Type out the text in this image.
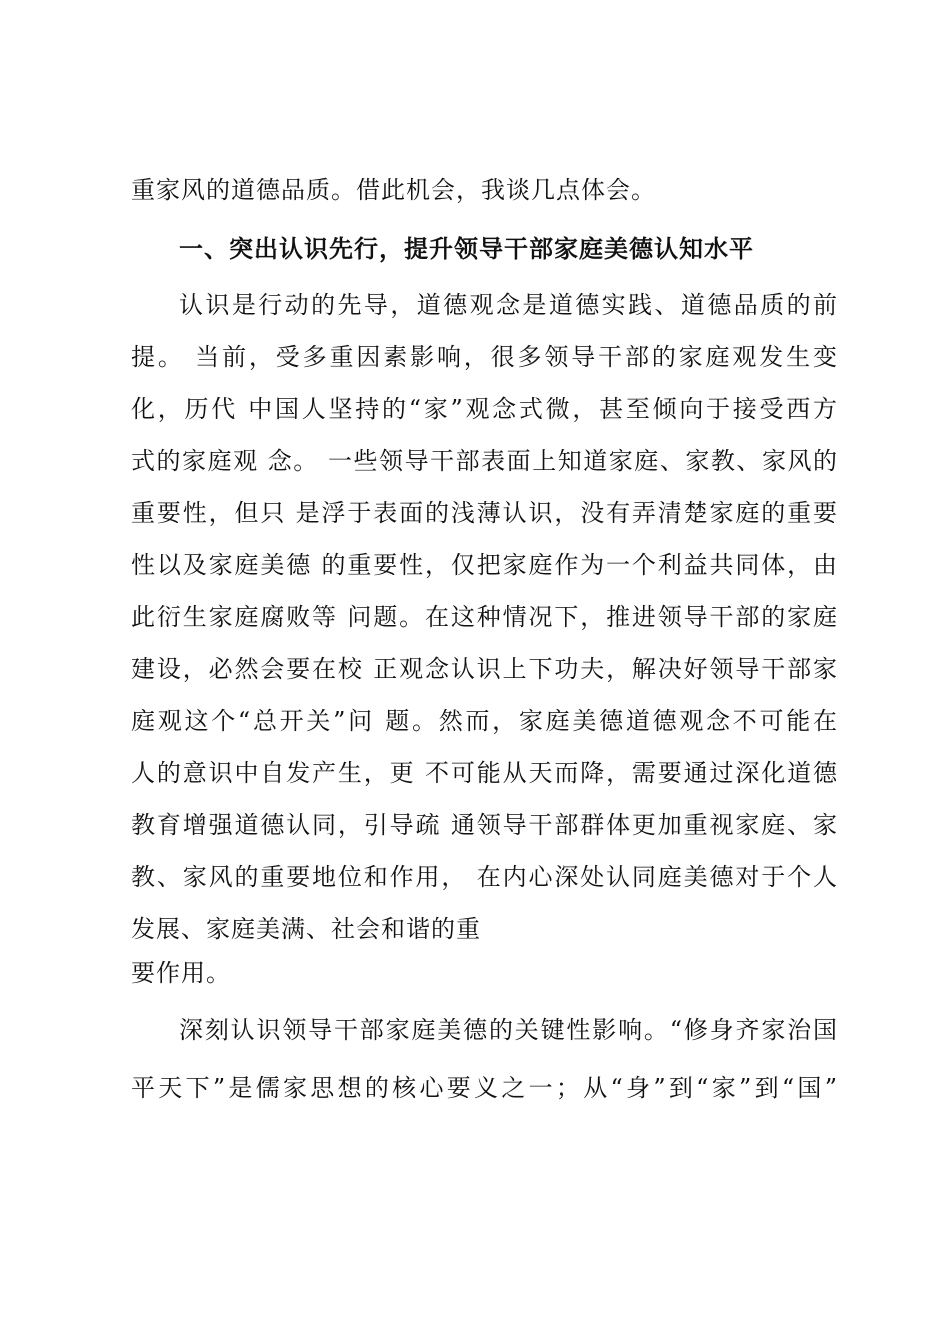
重家风的道德品质。借此机会，我谈几点体会。
一、突出认识先行，提升领导干部家庭美德认知水平
认识是行动的先导，道德观念是道德实践、道德品质的前
提。 当前，受多重因素影响，很多领导干部的家庭观发生变
化，历代 中国人坚持的“家”观念式微，甚至倾向于接受西方
式的家庭观 念。 一些领导干部表面上知道家庭、家教、家风的
重要性，但只 是浮于表面的浅薄认识，没有弄清楚家庭的重要
性以及家庭美德 的重要性，仅把家庭作为一个利益共同体，由
此衍生家庭腐败等 问题。在这种情况下，推进领导干部的家庭
建设，必然会要在校 正观念认识上下功夫，解决好领导干部家
庭观这个“总开关”问 题。然而，家庭美德道德观念不可能在
人的意识中自发产生，更 不可能从天而降，需要通过深化道德
教育增强道德认同，引导疏 通领导干部群体更加重视家庭、家
教、家风的重要地位和作用， 在内心深处认同庭美德对于个人
发展、家庭美满、社会和谐的重
要作用。
深刻认识领导干部家庭美德的关键性影响。“修身齐家治国
平天下”是儒家思想的核心要义之一；从“身”到“家”到“国”
